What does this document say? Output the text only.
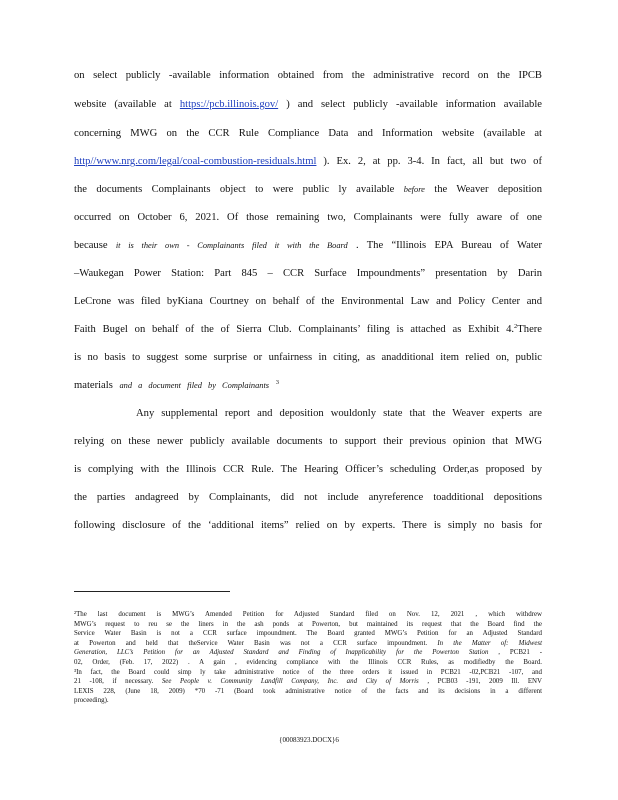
on select publicly -available information obtained from the administrative record on the IPCB
website (available at https://pcb.illinois.gov/ ) and select publicly -available information available
concerning MWG on the CCR Rule Compliance Data and Information website (available at
http//www.nrg.com/legal/coal-combustion-residuals.html ). Ex. 2, at pp. 3-4. In fact, all but two of
the documents Complainants object to were public ly available before the Weaver deposition
occurred on October 6, 2021. Of those remaining two, Complainants were fully aware of one
because it is their own - Complainants filed it with the Board . The “Illinois EPA Bureau of Water
–Waukegan Power Station: Part 845 – CCR Surface Impoundments” presentation by Darin
LeCrone was filed byKiana Courtney on behalf of the Environmental Law and Policy Center and
Faith Bugel on behalf of the of Sierra Club. Complainants’ filing is attached as Exhibit 4.$^2$There
is no basis to suggest some surprise or unfairness in citing, as anadditional item relied on, public
materials and a document filed by Complainants $^3$
Any supplemental report and deposition wouldonly state that the Weaver experts are
relying on these newer publicly available documents to support their previous opinion that MWG
is complying with the Illinois CCR Rule. The Hearing Officer’s scheduling Order,as proposed by
the parties andagreed by Complainants, did not include anyreference toadditional depositions
following disclosure of the ‘additional items” relied on by experts. There is simply no basis for
²The last document is MWG’s Amended Petition for Adjusted Standard filed on Nov. 12, 2021 , which withdrew
MWG’s request to reu se the liners in the ash ponds at Powerton, but maintained its request that the Board find the
Service Water Basin is not a CCR surface impoundment. The Board granted MWG’s Petition for an Adjusted Standard
at Powerton and held that theService Water Basin was not a CCR surface impoundment. In the Matter of: Midwest
Generation, LLC’s Petition for an Adjusted Standard and Finding of Inapplicability for the Powerton Station , PCB21 -
02, Order, (Feb. 17, 2022) . A gain , evidencing compliance with the Illinois CCR Rules, as modifiedby the Board.
³In fact, the Board could simp ly take administrative notice of the three orders it issued in PCB21 -02,PCB21 -107, and
21 -108, if necessary. See People v. Community Landfill Company, Inc. and City of Morris , PCB03 -191, 2009 Ill. ENV
LEXIS 228, (June 18, 2009) *70 -71 (Board took administrative notice of the facts and its decisions in a different
proceeding).
{00083923.DOCX}6
